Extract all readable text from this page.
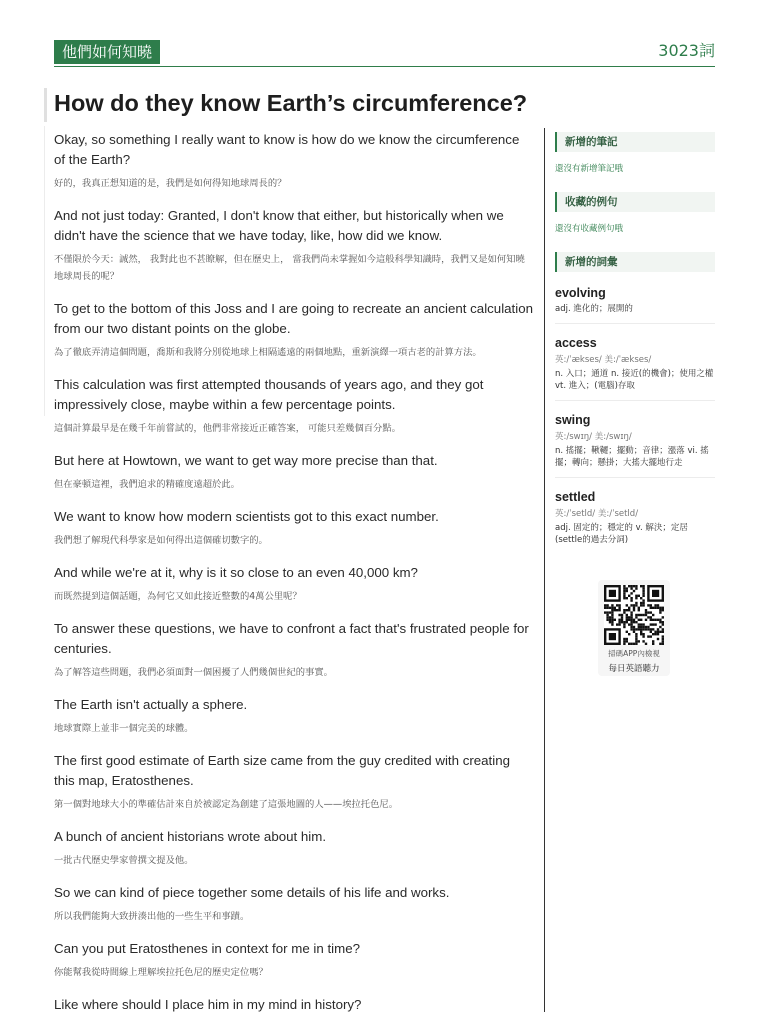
他們如何知曉	3023詞
How do they know Earth’s circumference?

Okay, so something I really want to know is how do we know the circumference of the Earth?

好的，我真正想知道的是，我們是如何得知地球周長的？

And not just today: Granted, I don't know that either, but historically when we didn't have the science that we have today, like, how did we know.

不僅限於今天：誠然， 我對此也不甚瞭解，但在歷史上， 當我們尚未掌握如今這般科學知識時，我們又是如何知曉地球周長的呢？

To get to the bottom of this Joss and I are going to recreate an ancient calculation from our two distant points on the globe.

為了徹底弄清這個問題，喬斯和我將分別從地球上相隔遙遠的兩個地點，重新演繹一項古老的計算方法。

This calculation was first attempted thousands of years ago, and they got impressively close, maybe within a few percentage points.

這個計算最早是在幾千年前嘗試的，他們非常接近正確答案， 可能只差幾個百分點。

But here at Howtown, we want to get way more precise than that.

但在豪頓這裡，我們追求的精確度遠超於此。

We want to know how modern scientists got to this exact number.

我們想了解現代科學家是如何得出這個確切數字的。

And while we're at it, why is it so close to an even 40,000 km?

而既然提到這個話題，為何它又如此接近整數的4萬公里呢？

To answer these questions, we have to confront a fact that's frustrated people for centuries.

為了解答這些問題，我們必須面對一個困擾了人們幾個世紀的事實。

The Earth isn't actually a sphere.

地球實際上並非一個完美的球體。

The first good estimate of Earth size came from the guy credited with creating this map, Eratosthenes.

第一個對地球大小的準確估計來自於被認定為創建了這張地圖的人——埃拉托色尼。

A bunch of ancient historians wrote about him.

一批古代歷史學家曾撰文提及他。

So we can kind of piece together some details of his life and works.

所以我們能夠大致拼湊出他的一些生平和事蹟。

Can you put Eratosthenes in context for me in time?

你能幫我從時間線上理解埃拉托色尼的歷史定位嗎？

Like where should I place him in my mind in history?

新增的筆記
還沒有新增筆記哦
收藏的例句
還沒有收藏例句哦
新增的詞彙
evolving
adj. 進化的；展開的
access
英:/ˈækses/ 美:/ˈækses/
n. 入口；通道 n. 接近(的機會)；使用之權 vt. 進入；(電腦)存取
swing
英:/swɪŋ/ 美:/swɪŋ/
n. 搖擺；鞦韆；擺動；音律；漲落 vi. 搖擺；轉向；懸掛；大搖大擺地行走
settled
英:/ˈsetld/ 美:/ˈsetld/
adj. 固定的；穩定的 v. 解決；定居(settle的過去分詞)
掃碼APP內檢視
每日英語聽力
